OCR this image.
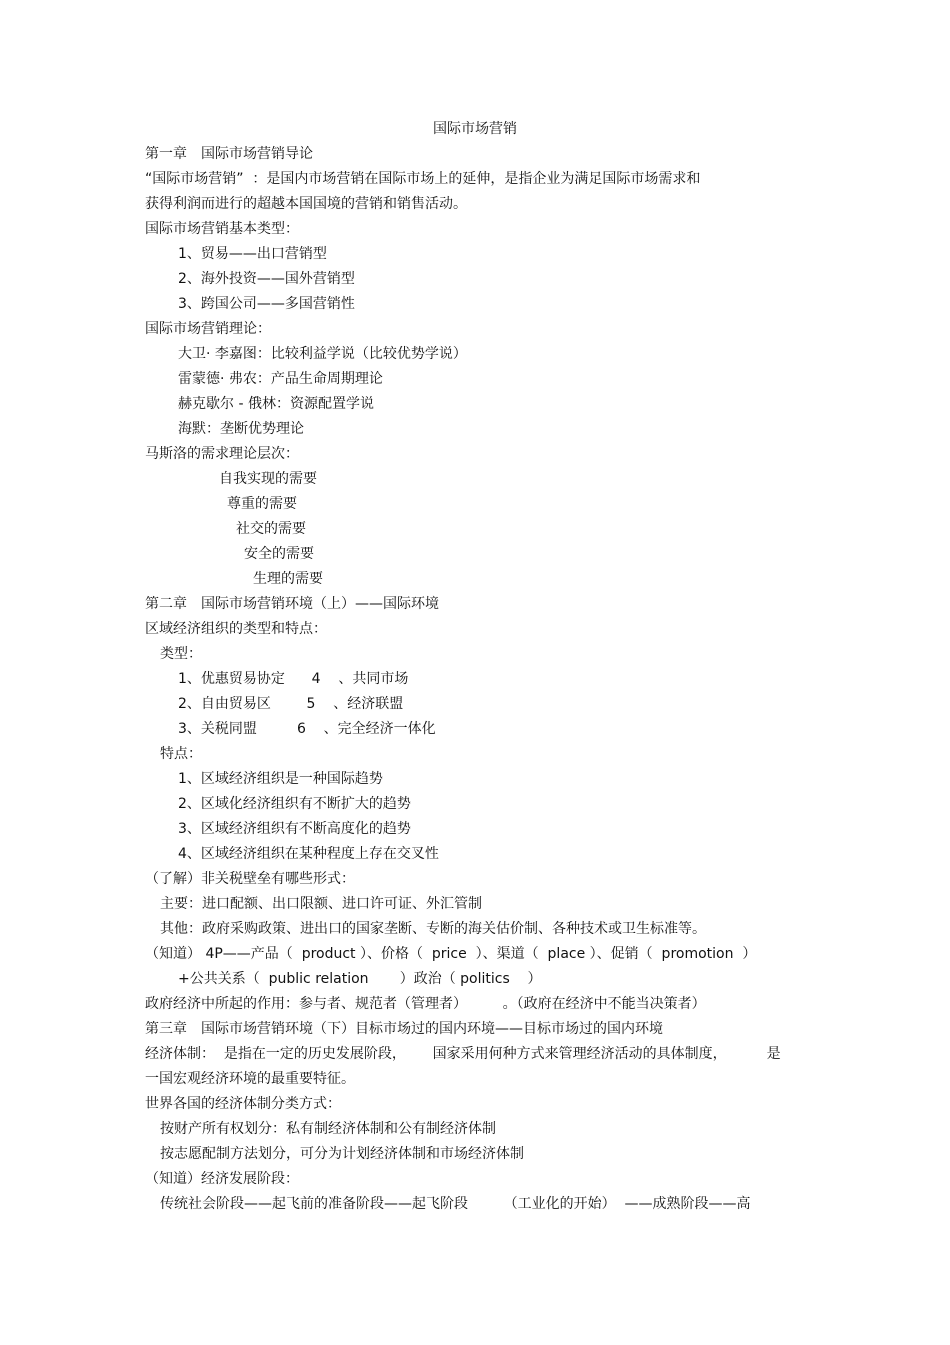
国际市场营销
第一章　国际市场营销导论
“国际市场营销”  ：是国内市场营销在国际市场上的延伸，是指企业为满足国际市场需求和
获得利润而进行的超越本国国境的营销和销售活动。
国际市场营销基本类型：
1、贸易——出口营销型
2、海外投资——国外营销型
3、跨国公司——多国营销性
国际市场营销理论：
大卫· 李嘉图：比较利益学说（比较优势学说）
雷蒙德· 弗农：产品生命周期理论
赫克歇尔 - 俄林：资源配置学说
海默：垄断优势理论
马斯洛的需求理论层次：
自我实现的需要
尊重的需要
社交的需要
安全的需要
生理的需要
第二章　国际市场营销环境（上）——国际环境
区域经济组织的类型和特点：
类型：
1、优惠贸易协定      4    、共同市场
2、自由贸易区        5    、经济联盟
3、关税同盟         6    、完全经济一体化
特点：
1、区域经济组织是一种国际趋势
2、区域化经济组织有不断扩大的趋势
3、区域经济组织有不断高度化的趋势
4、区域经济组织在某种程度上存在交叉性
（了解）非关税壁垒有哪些形式：
主要：进口配额、出口限额、进口许可证、外汇管制
其他：政府采购政策、进出口的国家垄断、专断的海关估价制、各种技术或卫生标准等。
（知道） 4P——产品（  product ）、价格（  price  ）、渠道（  place ）、促销（  promotion  ）
+公共关系（  public relation       ）政治（ politics    ）
政府经济中所起的作用：参与者、规范者（管理者）        。（政府在经济中不能当决策者）
第三章　国际市场营销环境（下）目标市场过的国内环境——目标市场过的国内环境
经济体制：  是指在一定的历史发展阶段，      国家采用何种方式来管理经济活动的具体制度，         是
一国宏观经济环境的最重要特征。
世界各国的经济体制分类方式：
按财产所有权划分：私有制经济体制和公有制经济体制
按志愿配制方法划分，可分为计划经济体制和市场经济体制
（知道）经济发展阶段：
传统社会阶段——起飞前的准备阶段——起飞阶段        （工业化的开始）  ——成熟阶段——高
